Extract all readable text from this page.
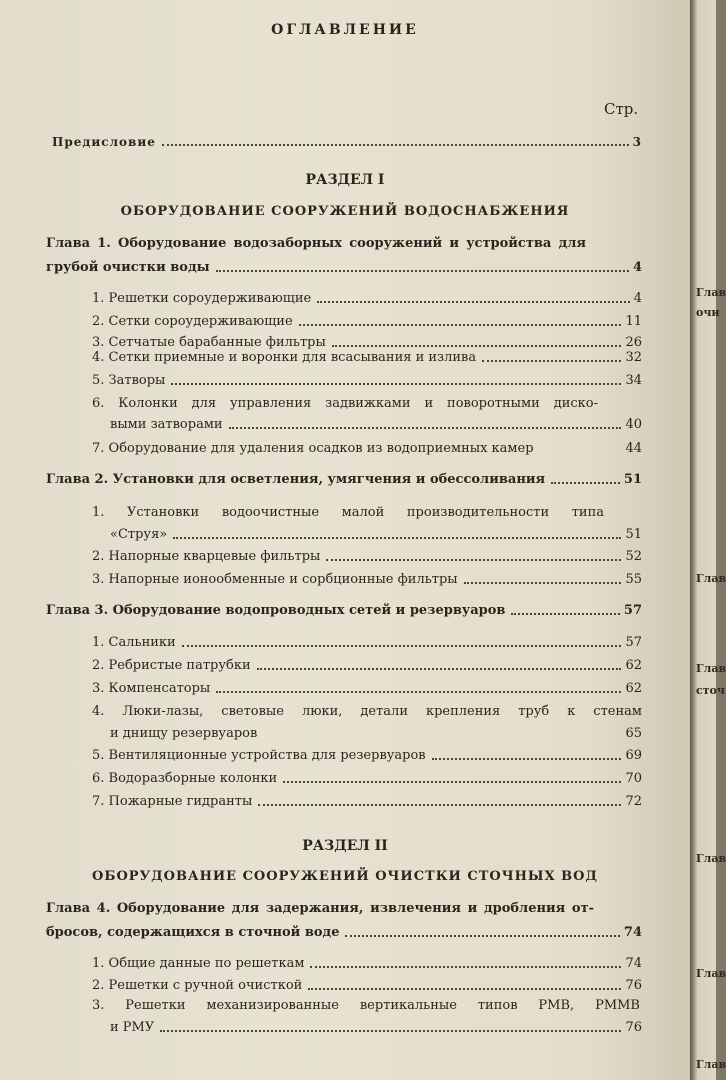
ОГЛАВЛЕНИЕ
Стр.
Предисловие	3
РАЗДЕЛ I
ОБОРУДОВАНИЕ СООРУЖЕНИЙ ВОДОСНАБЖЕНИЯ
Глава 1. Оборудование водозаборных сооружений и устройства для
грубой очистки воды	4
1. Решетки сороудерживающие	4
2. Сетки сороудерживающие	11
3. Сетчатые барабанные фильтры	26
4. Сетки приемные и воронки для всасывания и излива	32
5. Затворы	34
6. Колонки для управления задвижками и поворотными диско-
выми затворами	40
7. Оборудование для удаления осадков из водоприемных камер	44
Глава 2. Установки для осветления, умягчения и обессоливания	51
1. Установки водоочистные малой производительности типа
«Струя»	51
2. Напорные кварцевые фильтры	52
3. Напорные ионообменные и сорбционные фильтры	55
Глава 3. Оборудование водопроводных сетей и резервуаров	57
1. Сальники	57
2. Ребристые патрубки	62
3. Компенсаторы	62
4. Люки-лазы, световые люки, детали крепления труб к стенам
и днищу резервуаров	65
5. Вентиляционные устройства для резервуаров	69
6. Водоразборные колонки	70
7. Пожарные гидранты	72
РАЗДЕЛ II
ОБОРУДОВАНИЕ СООРУЖЕНИЙ ОЧИСТКИ СТОЧНЫХ ВОД
Глава 4. Оборудование для задержания, извлечения и дробления от-
бросов, содержащихся в сточной воде	74
1. Общие данные по решеткам	74
2. Решетки с ручной очисткой	76
3. Решетки механизированные вертикальные типов РМВ, РММВ
и РМУ	76
Глав
очи
Глав
Глав
сточ
Глав
Глав
Глав
